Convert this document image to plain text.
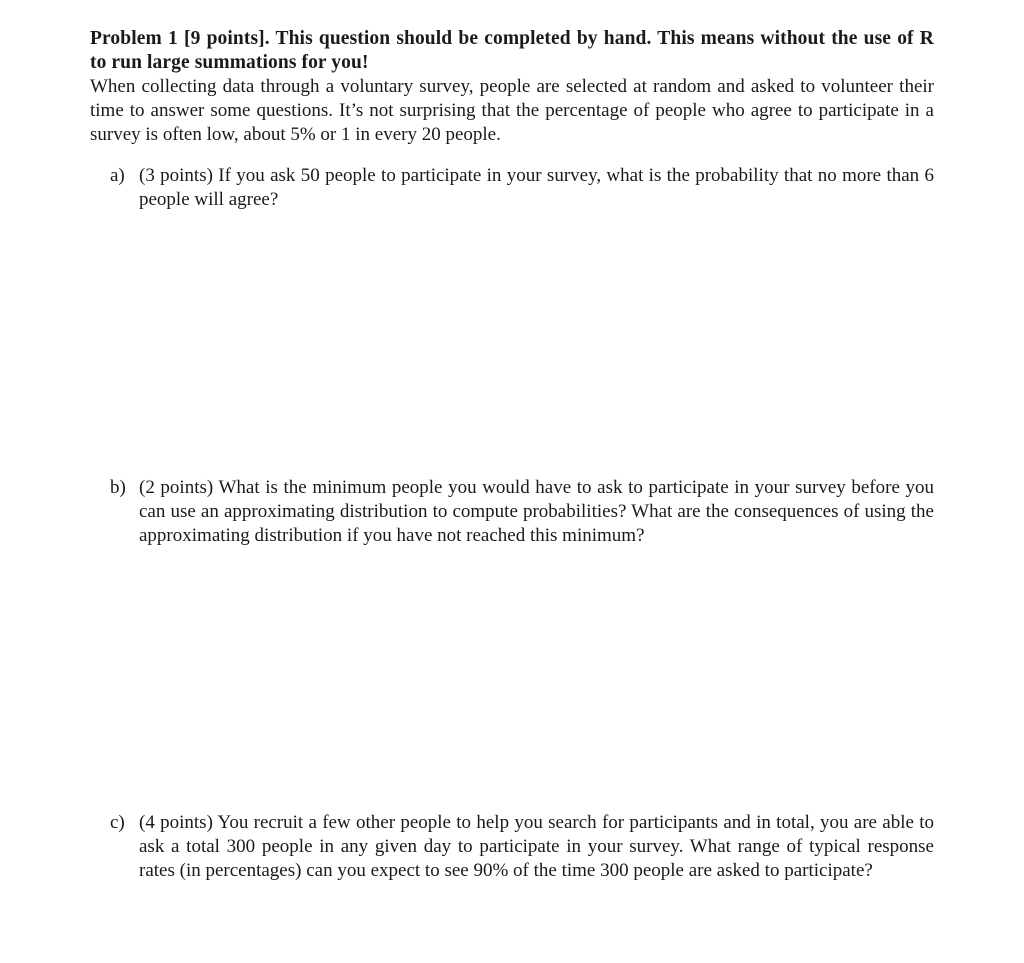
Problem 1 [9 points]. This question should be completed by hand. This means without the use of R to run large summations for you!

When collecting data through a voluntary survey, people are selected at random and asked to volunteer their time to answer some questions. It’s not surprising that the percentage of people who agree to participate in a survey is often low, about 5% or 1 in every 20 people.

a) (3 points) If you ask 50 people to participate in your survey, what is the probability that no more than 6 people will agree?
b) (2 points) What is the minimum people you would have to ask to participate in your survey before you can use an approximating distribution to compute probabilities? What are the consequences of using the approximating distribution if you have not reached this minimum?
c) (4 points) You recruit a few other people to help you search for participants and in total, you are able to ask a total 300 people in any given day to participate in your survey. What range of typical response rates (in percentages) can you expect to see 90% of the time 300 people are asked to participate?
